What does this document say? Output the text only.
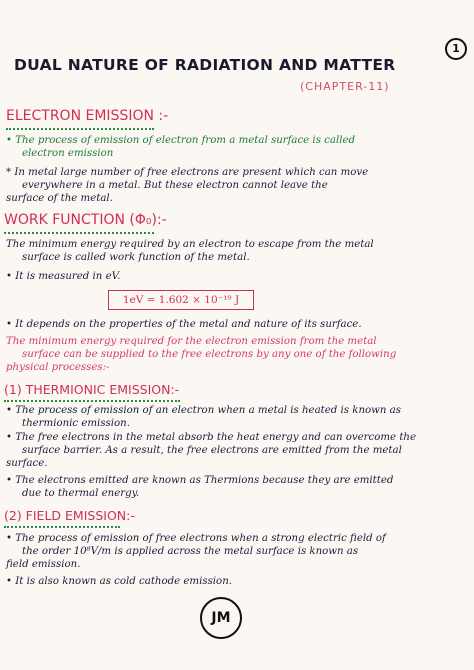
1
DUAL NATURE OF RADIATION AND MATTER
(CHAPTER-11)
ELECTRON EMISSION :-
• The process of emission of electron from a metal surface is called
electron emission
* In metal large number of free electrons are present which can move
everywhere in a metal. But these electron cannot leave the
surface of the metal.
WORK FUNCTION (Φ₀):-
The minimum energy required by an electron to escape from the metal
surface is called work function of the metal.
• It is measured in eV.
1eV = 1.602 × 10⁻¹⁹ J
• It depends on the properties of the metal and nature of its surface.
The minimum energy required for the electron emission from the metal
surface can be supplied to the free electrons by any one of the following
physical processes:-
(1) THERMIONIC EMISSION:-
• The process of emission of an electron when a metal is heated is known as
thermionic emission.
• The free electrons in the metal absorb the heat energy and can overcome the
surface barrier. As a result, the free electrons are emitted from the metal
surface.
• The electrons emitted are known as Thermions because they are emitted
due to thermal energy.
(2) FIELD EMISSION:-
• The process of emission of free electrons when a strong electric field of
the order 10⁸V/m is applied across the metal surface is known as
field emission.
• It is also known as cold cathode emission.
JM
